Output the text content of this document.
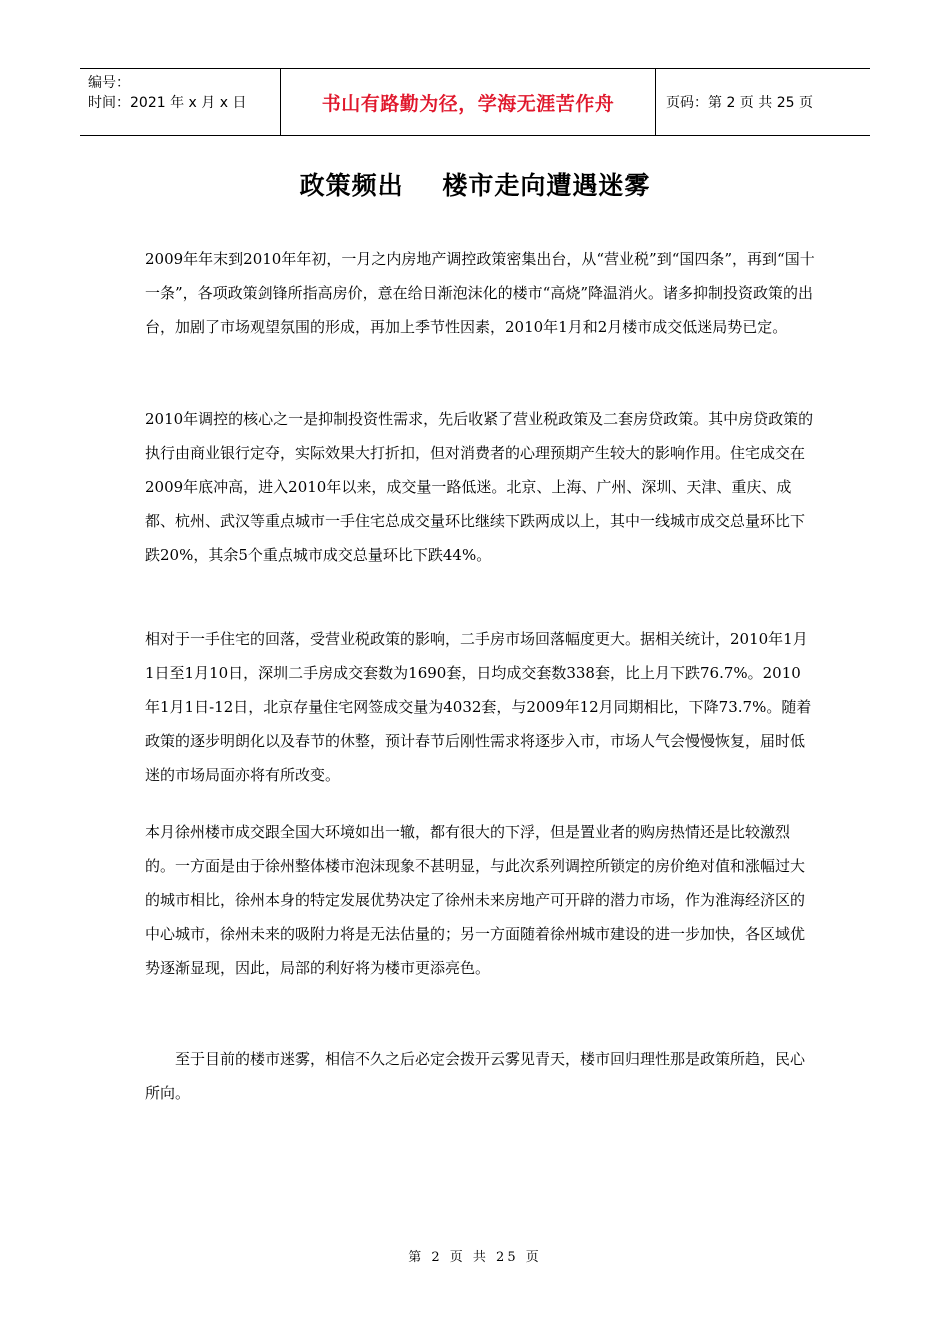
编号：
时间：2021 年 x 月 x 日	书山有路勤为径，学海无涯苦作舟	页码：第 2 页 共 25 页
政策频出    楼市走向遭遇迷雾

2009年年末到2010年年初，一月之内房地产调控政策密集出台，从“营业税”到“国四条”，再到“国十一条”，各项政策剑锋所指高房价，意在给日渐泡沫化的楼市“高烧”降温消火。诸多抑制投资政策的出台，加剧了市场观望氛围的形成，再加上季节性因素，2010年1月和2月楼市成交低迷局势已定。

2010年调控的核心之一是抑制投资性需求，先后收紧了营业税政策及二套房贷政策。其中房贷政策的执行由商业银行定夺，实际效果大打折扣，但对消费者的心理预期产生较大的影响作用。住宅成交在2009年底冲高，进入2010年以来，成交量一路低迷。北京、上海、广州、深圳、天津、重庆、成都、杭州、武汉等重点城市一手住宅总成交量环比继续下跌两成以上，其中一线城市成交总量环比下跌20%，其余5个重点城市成交总量环比下跌44%。

相对于一手住宅的回落，受营业税政策的影响，二手房市场回落幅度更大。据相关统计，2010年1月1日至1月10日，深圳二手房成交套数为1690套，日均成交套数338套，比上月下跌76.7%。2010年1月1日-12日，北京存量住宅网签成交量为4032套，与2009年12月同期相比，下降73.7%。随着政策的逐步明朗化以及春节的休整，预计春节后刚性需求将逐步入市，市场人气会慢慢恢复，届时低迷的市场局面亦将有所改变。

本月徐州楼市成交跟全国大环境如出一辙，都有很大的下浮，但是置业者的购房热情还是比较激烈的。一方面是由于徐州整体楼市泡沫现象不甚明显，与此次系列调控所锁定的房价绝对值和涨幅过大的城市相比，徐州本身的特定发展优势决定了徐州未来房地产可开辟的潜力市场，作为淮海经济区的中心城市，徐州未来的吸附力将是无法估量的；另一方面随着徐州城市建设的进一步加快，各区域优势逐渐显现，因此，局部的利好将为楼市更添亮色。

至于目前的楼市迷雾，相信不久之后必定会拨开云雾见青天，楼市回归理性那是政策所趋，民心所向。

第 2 页 共 25 页
